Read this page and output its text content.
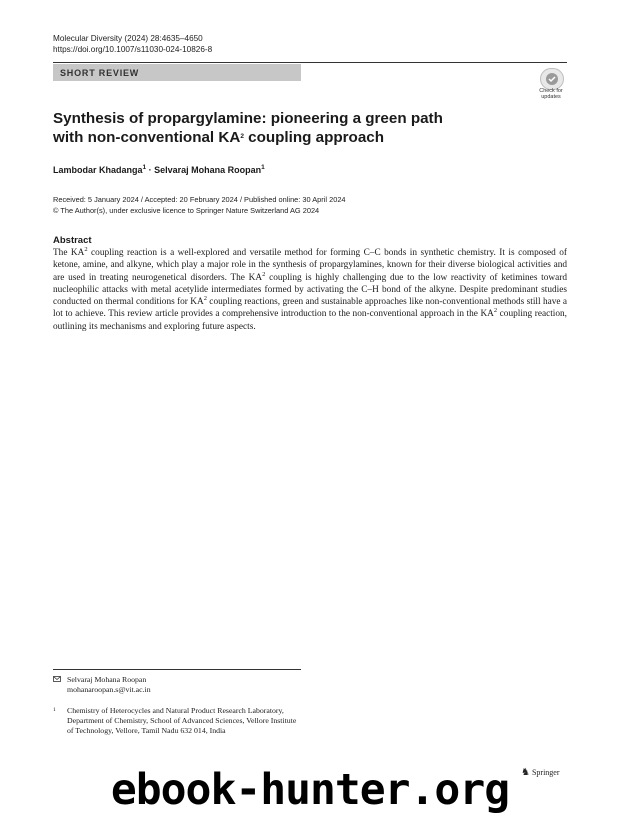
Molecular Diversity (2024) 28:4635–4650
https://doi.org/10.1007/s11030-024-10826-8
SHORT REVIEW
Check for updates
Synthesis of propargylamine: pioneering a green path
with non-conventional $KA^2$ coupling approach
Lambodar Khadanga$^1$ · Selvaraj Mohana Roopan$^1$
Received: 5 January 2024 / Accepted: 20 February 2024 / Published online: 30 April 2024
© The Author(s), under exclusive licence to Springer Nature Switzerland AG 2024
Abstract
The $KA^2$ coupling reaction is a well-explored and versatile method for forming C–C bonds in synthetic chemistry. It is composed of ketone, amine, and alkyne, which play a major role in the synthesis of propargylamines, known for their diverse biological activities and are used in treating neurogenetical disorders. The $KA^2$ coupling is highly challenging due to the low reactivity of ketimines toward nucleophilic attacks with metal acetylide intermediates formed by activating the C–H bond of the alkyne. Despite predominant studies conducted on thermal conditions for $KA^2$ coupling reactions, green and sustainable approaches like non-conventional methods still have a lot to achieve. This review article provides a comprehensive introduction to the non-conventional approach in the $KA^2$ coupling reaction, outlining its mechanisms and exploring future aspects.
Selvaraj Mohana Roopan
mohanaroopan.s@vit.ac.in
1 Chemistry of Heterocycles and Natural Product Research Laboratory, Department of Chemistry, School of Advanced Sciences, Vellore Institute of Technology, Vellore, Tamil Nadu 632 014, India
♞ Springer
ebook-hunter.org
